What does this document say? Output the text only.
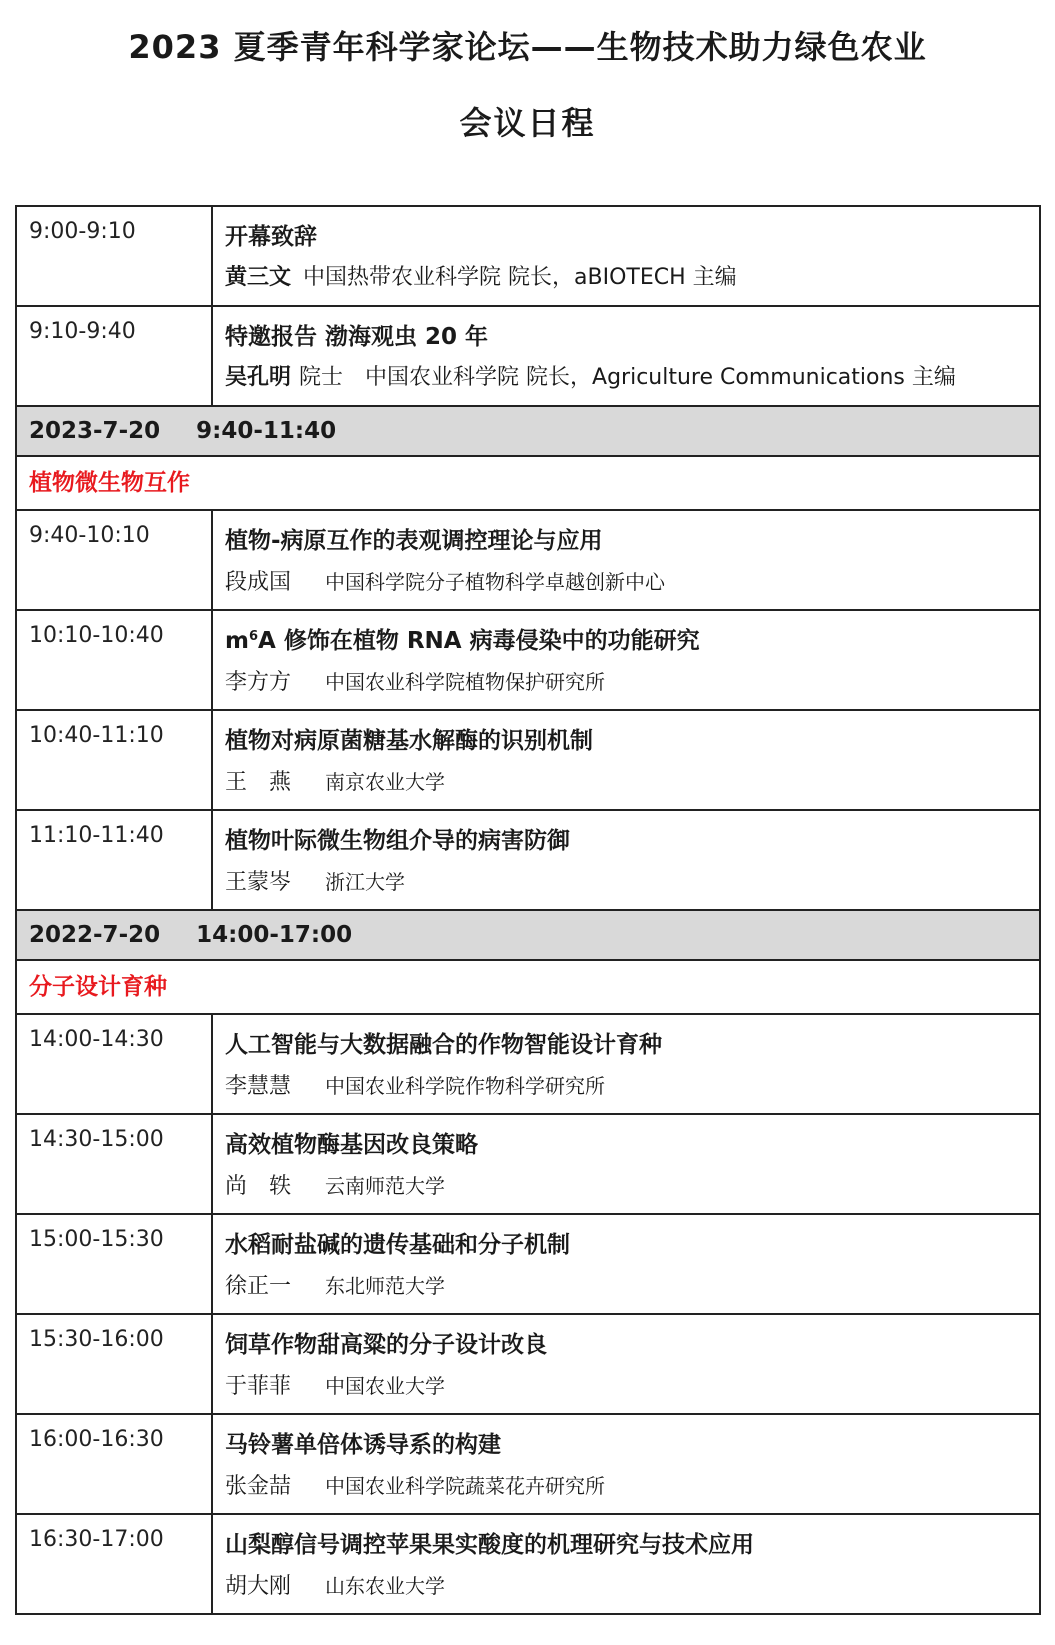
2023 夏季青年科学家论坛——生物技术助力绿色农业
会议日程
9:00-9:10	开幕致辞
黄三文 中国热带农业科学院 院长，aBIOTECH 主编

9:10-9:40	特邀报告 渤海观虫 20 年
吴孔明 院士 中国农业科学院 院长，Agriculture Communications 主编

2023-7-20 9:40-11:40	
植物微生物互作	
9:40-10:10	植物-病原互作的表观调控理论与应用
段成国 中国科学院分子植物科学卓越创新中心

10:10-10:40	$m^6A$ 修饰在植物 RNA 病毒侵染中的功能研究
李方方 中国农业科学院植物保护研究所

10:40-11:10	植物对病原菌糖基水解酶的识别机制
王　燕 南京农业大学

11:10-11:40	植物叶际微生物组介导的病害防御
王蒙岑 浙江大学

2022-7-20 14:00-17:00	
分子设计育种	
14:00-14:30	人工智能与大数据融合的作物智能设计育种
李慧慧 中国农业科学院作物科学研究所

14:30-15:00	高效植物酶基因改良策略
尚　轶 云南师范大学

15:00-15:30	水稻耐盐碱的遗传基础和分子机制
徐正一 东北师范大学

15:30-16:00	饲草作物甜高粱的分子设计改良
于菲菲 中国农业大学

16:00-16:30	马铃薯单倍体诱导系的构建
张金喆 中国农业科学院蔬菜花卉研究所

16:30-17:00	山梨醇信号调控苹果果实酸度的机理研究与技术应用
胡大刚 山东农业大学
